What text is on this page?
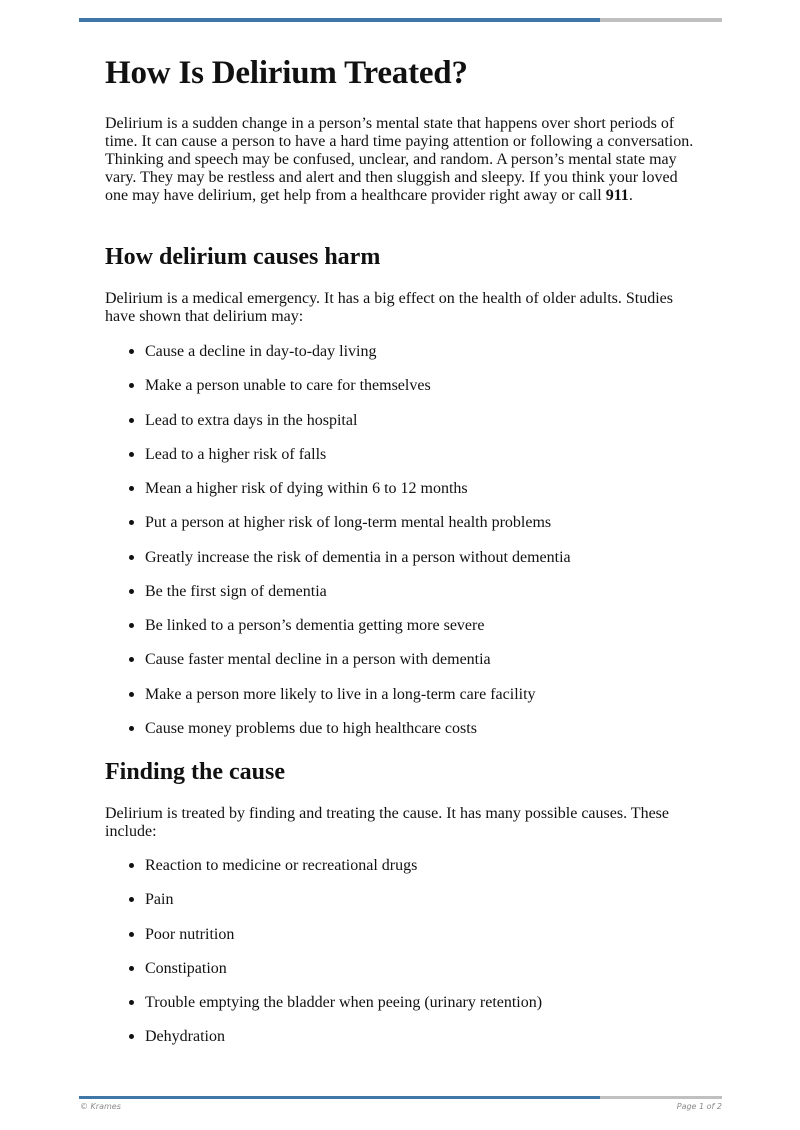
How Is Delirium Treated?

Delirium is a sudden change in a person’s mental state that happens over short periods of time. It can cause a person to have a hard time paying attention or following a conversation. Thinking and speech may be confused, unclear, and random. A person’s mental state may vary. They may be restless and alert and then sluggish and sleepy. If you think your loved one may have delirium, get help from a healthcare provider right away or call 911.

How delirium causes harm

Delirium is a medical emergency. It has a big effect on the health of older adults. Studies have shown that delirium may:

Cause a decline in day-to-day living
Make a person unable to care for themselves
Lead to extra days in the hospital
Lead to a higher risk of falls
Mean a higher risk of dying within 6 to 12 months
Put a person at higher risk of long-term mental health problems
Greatly increase the risk of dementia in a person without dementia
Be the first sign of dementia
Be linked to a person’s dementia getting more severe
Cause faster mental decline in a person with dementia
Make a person more likely to live in a long-term care facility
Cause money problems due to high healthcare costs
Finding the cause

Delirium is treated by finding and treating the cause. It has many possible causes. These include:

Reaction to medicine or recreational drugs
Pain
Poor nutrition
Constipation
Trouble emptying the bladder when peeing (urinary retention)
Dehydration
© Krames	Page 1 of 2
